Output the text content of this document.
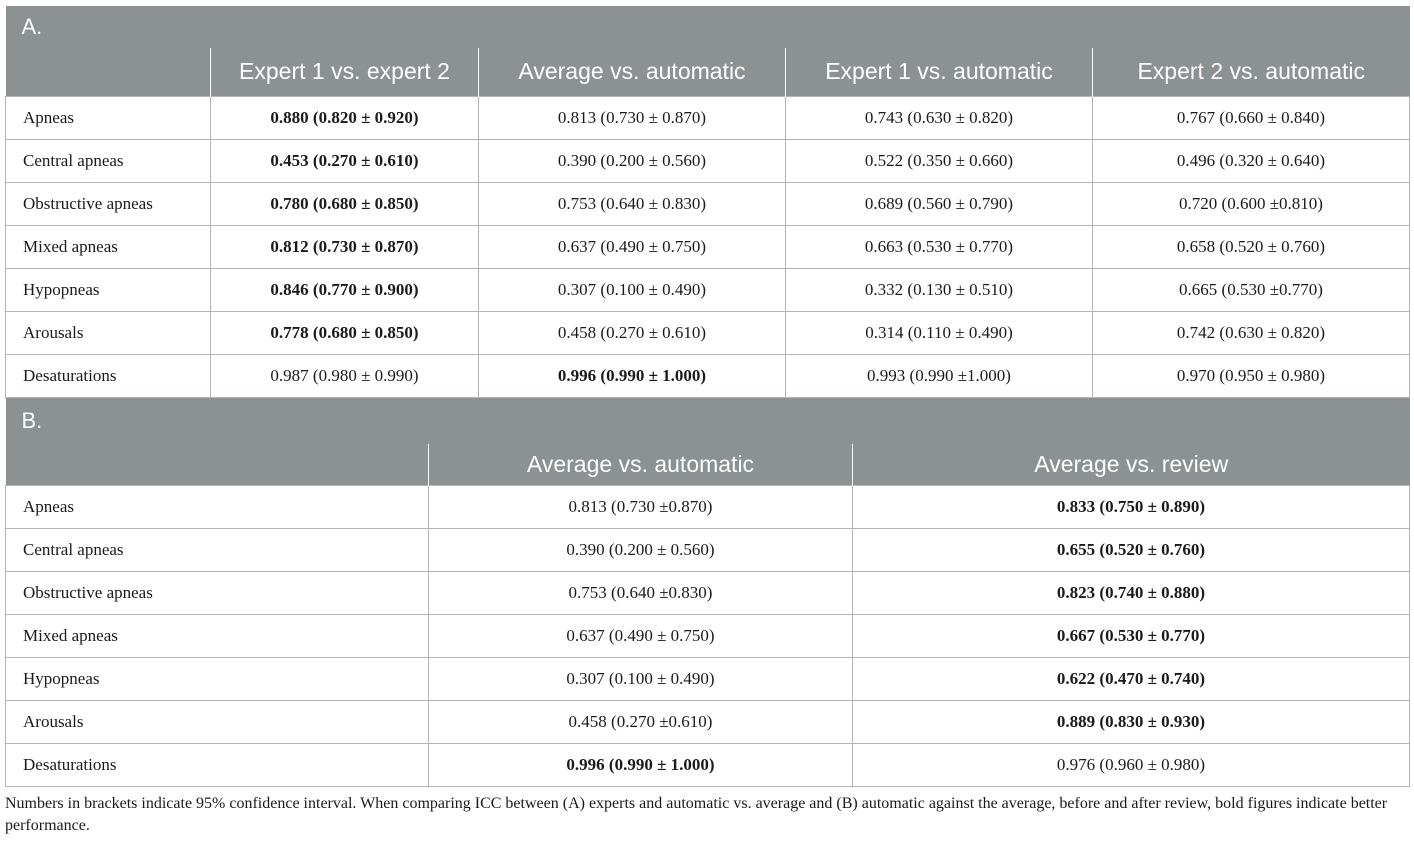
A.				
	Expert 1 vs. expert 2	Average vs. automatic	Expert 1 vs. automatic	Expert 2 vs. automatic
Apneas	0.880 (0.820 ± 0.920)	0.813 (0.730 ± 0.870)	0.743 (0.630 ± 0.820)	0.767 (0.660 ± 0.840)
Central apneas	0.453 (0.270 ± 0.610)	0.390 (0.200 ± 0.560)	0.522 (0.350 ± 0.660)	0.496 (0.320 ± 0.640)
Obstructive apneas	0.780 (0.680 ± 0.850)	0.753 (0.640 ± 0.830)	0.689 (0.560 ± 0.790)	0.720 (0.600 ±0.810)
Mixed apneas	0.812 (0.730 ± 0.870)	0.637 (0.490 ± 0.750)	0.663 (0.530 ± 0.770)	0.658 (0.520 ± 0.760)
Hypopneas	0.846 (0.770 ± 0.900)	0.307 (0.100 ± 0.490)	0.332 (0.130 ± 0.510)	0.665 (0.530 ±0.770)
Arousals	0.778 (0.680 ± 0.850)	0.458 (0.270 ± 0.610)	0.314 (0.110 ± 0.490)	0.742 (0.630 ± 0.820)
Desaturations	0.987 (0.980 ± 0.990)	0.996 (0.990 ± 1.000)	0.993 (0.990 ±1.000)	0.970 (0.950 ± 0.980)
B.		
	Average vs. automatic	Average vs. review
Apneas	0.813 (0.730 ±0.870)	0.833 (0.750 ± 0.890)
Central apneas	0.390 (0.200 ± 0.560)	0.655 (0.520 ± 0.760)
Obstructive apneas	0.753 (0.640 ±0.830)	0.823 (0.740 ± 0.880)
Mixed apneas	0.637 (0.490 ± 0.750)	0.667 (0.530 ± 0.770)
Hypopneas	0.307 (0.100 ± 0.490)	0.622 (0.470 ± 0.740)
Arousals	0.458 (0.270 ±0.610)	0.889 (0.830 ± 0.930)
Desaturations	0.996 (0.990 ± 1.000)	0.976 (0.960 ± 0.980)
Numbers in brackets indicate 95% confidence interval. When comparing ICC between (A) experts and automatic vs. average and (B) automatic against the average, before and after review, bold figures indicate better performance.
